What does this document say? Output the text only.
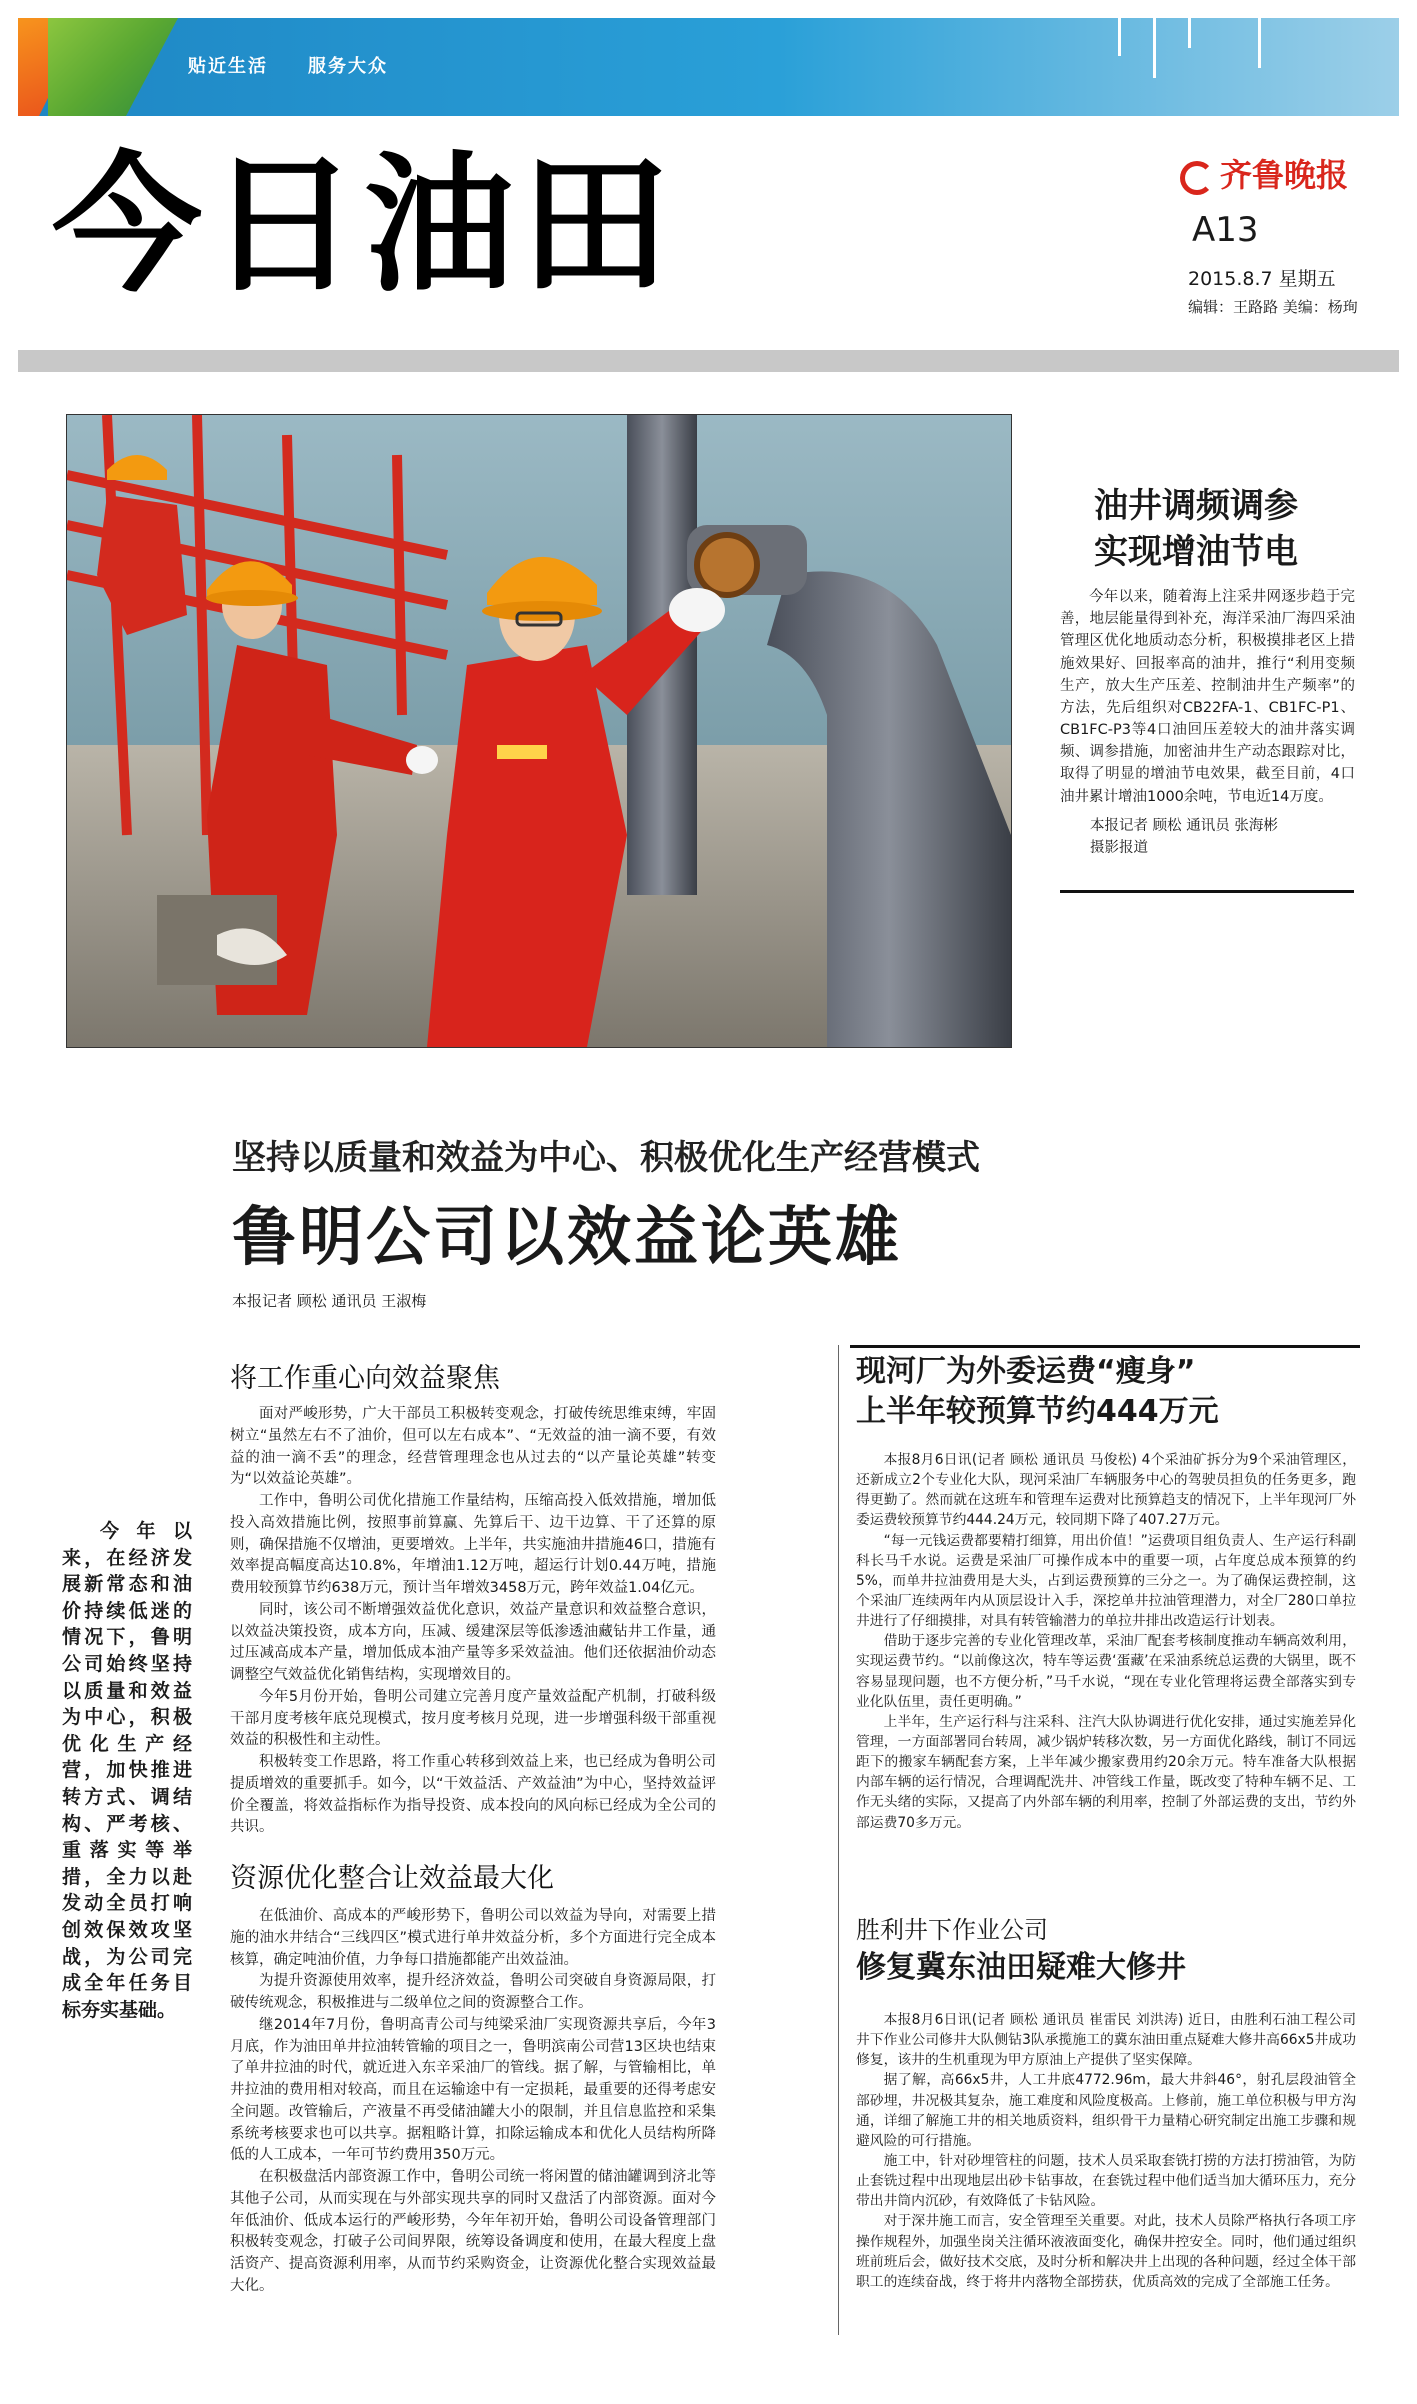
贴近生活 服务大众
今日油田	齐鲁晚报
A13
2015.8.7 星期五
编辑：王路路 美编：杨珣
油井调频调参
实现增油节电

今年以来，随着海上注采井网逐步趋于完善，地层能量得到补充，海洋采油厂海四采油管理区优化地质动态分析，积极摸排老区上措施效果好、回报率高的油井，推行“利用变频生产，放大生产压差、控制油井生产频率”的方法，先后组织对CB22FA-1、CB1FC-P1、CB1FC-P3等4口油回压差较大的油井落实调频、调参措施，加密油井生产动态跟踪对比，取得了明显的增油节电效果，截至目前，4口油井累计增油1000余吨，节电近14万度。

本报记者 顾松 通讯员 张海彬
摄影报道
坚持以质量和效益为中心、积极优化生产经营模式
鲁明公司以效益论英雄
本报记者 顾松 通讯员 王淑梅

今年以来，在经济发展新常态和油价持续低迷的情况下，鲁明公司始终坚持以质量和效益为中心，积极优化生产经营，加快推进转方式、调结构、严考核、重落实等举措，全力以赴发动全员打响创效保效攻坚战，为公司完成全年任务目标夯实基础。

将工作重心向效益聚焦

面对严峻形势，广大干部员工积极转变观念，打破传统思维束缚，牢固树立“虽然左右不了油价，但可以左右成本”、“无效益的油一滴不要，有效益的油一滴不丢”的理念，经营管理理念也从过去的“以产量论英雄”转变为“以效益论英雄”。

工作中，鲁明公司优化措施工作量结构，压缩高投入低效措施，增加低投入高效措施比例，按照事前算赢、先算后干、边干边算、干了还算的原则，确保措施不仅增油，更要增效。上半年，共实施油井措施46口，措施有效率提高幅度高达10.8%，年增油1.12万吨，超运行计划0.44万吨，措施费用较预算节约638万元，预计当年增效3458万元，跨年效益1.04亿元。

同时，该公司不断增强效益优化意识，效益产量意识和效益整合意识，以效益决策投资，成本方向，压减、缓建深层等低渗透油藏钻井工作量，通过压减高成本产量，增加低成本油产量等多采效益油。他们还依据油价动态调整空气效益优化销售结构，实现增效目的。

今年5月份开始，鲁明公司建立完善月度产量效益配产机制，打破科级干部月度考核年底兑现模式，按月度考核月兑现，进一步增强科级干部重视效益的积极性和主动性。

积极转变工作思路，将工作重心转移到效益上来，也已经成为鲁明公司提质增效的重要抓手。如今，以“干效益活、产效益油”为中心，坚持效益评价全覆盖，将效益指标作为指导投资、成本投向的风向标已经成为全公司的共识。

资源优化整合让效益最大化

在低油价、高成本的严峻形势下，鲁明公司以效益为导向，对需要上措施的油水井结合“三线四区”模式进行单井效益分析，多个方面进行完全成本核算，确定吨油价值，力争每口措施都能产出效益油。

为提升资源使用效率，提升经济效益，鲁明公司突破自身资源局限，打破传统观念，积极推进与二级单位之间的资源整合工作。

继2014年7月份，鲁明高青公司与纯梁采油厂实现资源共享后，今年3月底，作为油田单井拉油转管输的项目之一，鲁明滨南公司营13区块也结束了单井拉油的时代，就近进入东辛采油厂的管线。据了解，与管输相比，单井拉油的费用相对较高，而且在运输途中有一定损耗，最重要的还得考虑安全问题。改管输后，产液量不再受储油罐大小的限制，并且信息监控和采集系统考核要求也可以共享。据粗略计算，扣除运输成本和优化人员结构所降低的人工成本，一年可节约费用350万元。

在积极盘活内部资源工作中，鲁明公司统一将闲置的储油罐调到济北等其他子公司，从而实现在与外部实现共享的同时又盘活了内部资源。面对今年低油价、低成本运行的严峻形势，今年年初开始，鲁明公司设备管理部门积极转变观念，打破子公司间界限，统筹设备调度和使用，在最大程度上盘活资产、提高资源利用率，从而节约采购资金，让资源优化整合实现效益最大化。

现河厂为外委运费“瘦身”
上半年较预算节约444万元

本报8月6日讯(记者 顾松 通讯员 马俊松) 4个采油矿拆分为9个采油管理区，还新成立2个专业化大队，现河采油厂车辆服务中心的驾驶员担负的任务更多，跑得更勤了。然而就在这班车和管理车运费对比预算趋支的情况下，上半年现河厂外委运费较预算节约444.24万元，较同期下降了407.27万元。

“每一元钱运费都要精打细算，用出价值！”运费项目组负责人、生产运行科副科长马千水说。运费是采油厂可操作成本中的重要一项，占年度总成本预算的约5%，而单井拉油费用是大头，占到运费预算的三分之一。为了确保运费控制，这个采油厂连续两年内从顶层设计入手，深挖单井拉油管理潜力，对全厂280口单拉井进行了仔细摸排，对具有转管输潜力的单拉井排出改造运行计划表。

借助于逐步完善的专业化管理改革，采油厂配套考核制度推动车辆高效利用，实现运费节约。“以前像这次，特车等运费‘蛋藏’在采油系统总运费的大锅里，既不容易显现问题，也不方便分析，”马千水说，“现在专业化管理将运费全部落实到专业化队伍里，责任更明确。”

上半年，生产运行科与注采科、注汽大队协调进行优化安排，通过实施差异化管理，一方面部署同台转周，减少锅炉转移次数，另一方面优化路线，制订不同远距下的搬家车辆配套方案，上半年减少搬家费用约20余万元。特车准备大队根据内部车辆的运行情况，合理调配洗井、冲管线工作量，既改变了特种车辆不足、工作无头绪的实际，又提高了内外部车辆的利用率，控制了外部运费的支出，节约外部运费70多万元。

胜利井下作业公司
修复冀东油田疑难大修井

本报8月6日讯(记者 顾松 通讯员 崔雷民 刘洪涛) 近日，由胜利石油工程公司井下作业公司修井大队侧钻3队承揽施工的冀东油田重点疑难大修井高66x5井成功修复，该井的生机重现为甲方原油上产提供了坚实保障。

据了解，高66x5井，人工井底4772.96m，最大井斜46°，射孔层段油管全部砂埋，井况极其复杂，施工难度和风险度极高。上修前，施工单位积极与甲方沟通，详细了解施工井的相关地质资料，组织骨干力量精心研究制定出施工步骤和规避风险的可行措施。

施工中，针对砂埋管柱的问题，技术人员采取套铣打捞的方法打捞油管，为防止套铣过程中出现地层出砂卡钻事故，在套铣过程中他们适当加大循环压力，充分带出井筒内沉砂，有效降低了卡钻风险。

对于深井施工而言，安全管理至关重要。对此，技术人员除严格执行各项工序操作规程外，加强坐岗关注循环液液面变化，确保井控安全。同时，他们通过组织班前班后会，做好技术交底，及时分析和解决井上出现的各种问题，经过全体干部职工的连续奋战，终于将井内落物全部捞获，优质高效的完成了全部施工任务。
